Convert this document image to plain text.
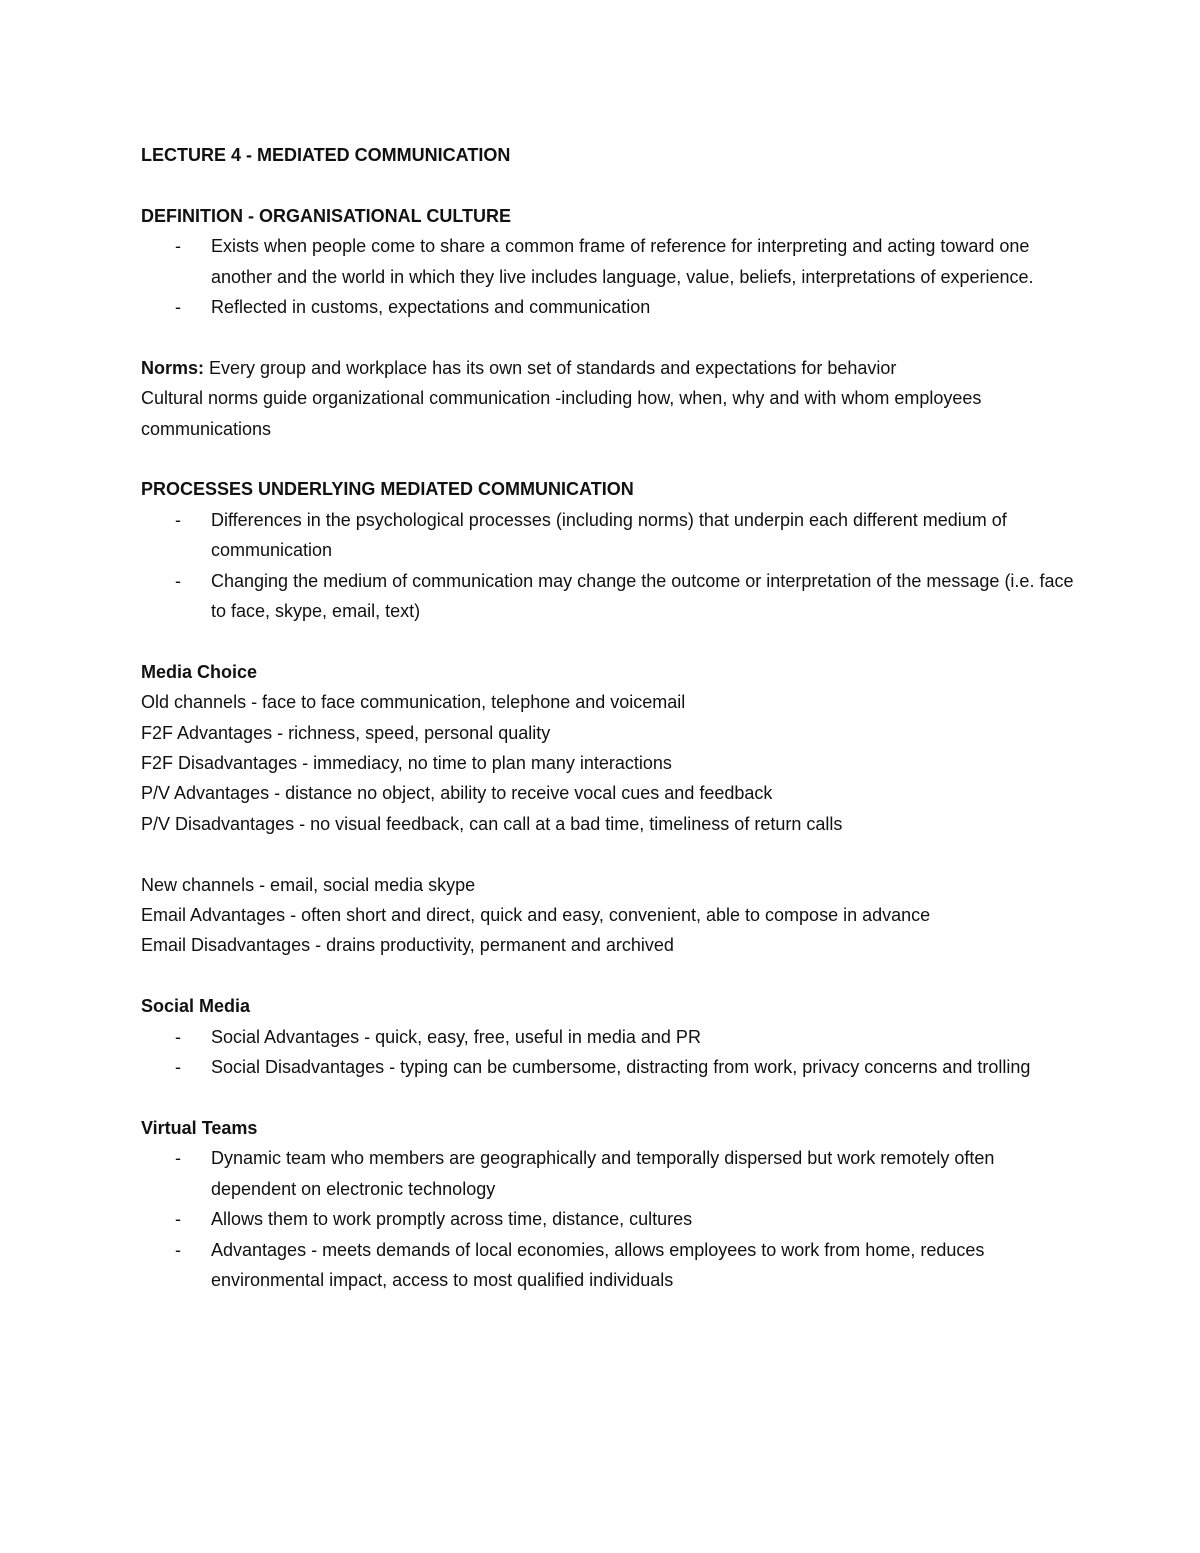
LECTURE 4 - MEDIATED COMMUNICATION

DEFINITION - ORGANISATIONAL CULTURE

- Exists when people come to share a common frame of reference for interpreting and acting toward one another and the world in which they live includes language, value, beliefs, interpretations of experience.
- Reflected in customs, expectations and communication

Norms: Every group and workplace has its own set of standards and expectations for behavior

Cultural norms guide organizational communication -including how, when, why and with whom employees communications

PROCESSES UNDERLYING MEDIATED COMMUNICATION

- Differences in the psychological processes (including norms) that underpin each different medium of communication
- Changing the medium of communication may change the outcome or interpretation of the message (i.e. face to face, skype, email, text)

Media Choice

Old channels - face to face communication, telephone and voicemail

F2F Advantages - richness, speed, personal quality

F2F Disadvantages - immediacy, no time to plan many interactions

P/V Advantages - distance no object, ability to receive vocal cues and feedback

P/V Disadvantages - no visual feedback, can call at a bad time, timeliness of return calls

New channels - email, social media skype

Email Advantages - often short and direct, quick and easy, convenient, able to compose in advance

Email Disadvantages - drains productivity, permanent and archived

Social Media

- Social Advantages - quick, easy, free, useful in media and PR
- Social Disadvantages - typing can be cumbersome, distracting from work, privacy concerns and trolling

Virtual Teams

- Dynamic team who members are geographically and temporally dispersed but work remotely often dependent on electronic technology
- Allows them to work promptly across time, distance, cultures
- Advantages - meets demands of local economies, allows employees to work from home, reduces environmental impact, access to most qualified individuals
